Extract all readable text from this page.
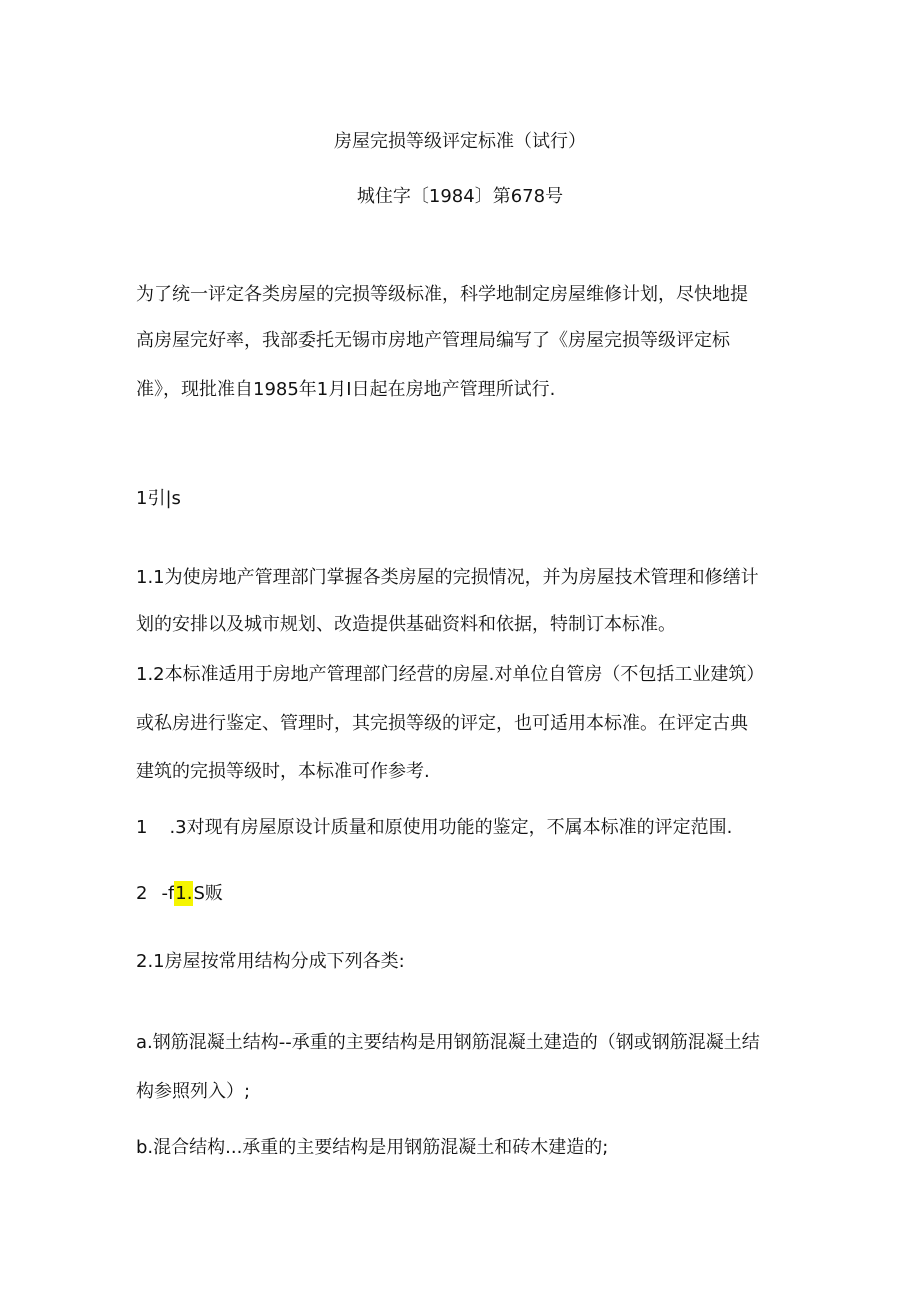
房屋完损等级评定标准（试行）
城住字〔1984〕第678号
为了统一评定各类房屋的完损等级标准，科学地制定房屋维修计划，尽快地提
高房屋完好率，我部委托无锡市房地产管理局编写了《房屋完损等级评定标
准》，现批准自1985年1月I日起在房地产管理所试行.
1引|s
1.1为使房地产管理部门掌握各类房屋的完损情况，并为房屋技术管理和修缮计
划的安排以及城市规划、改造提供基础资料和依据，特制订本标准。
1.2本标准适用于房地产管理部门经营的房屋.对单位自管房（不包括工业建筑）
或私房进行鉴定、管理时，其完损等级的评定，也可适用本标准。在评定古典
建筑的完损等级时，本标准可作参考.
1 .3对现有房屋原设计质量和原使用功能的鉴定，不属本标准的评定范围.
2 -f1.S贩
2.1房屋按常用结构分成下列各类:
a.钢筋混凝土结构--承重的主要结构是用钢筋混凝土建造的（钢或钢筋混凝土结
构参照列入）;
b.混合结构...承重的主要结构是用钢筋混凝土和砖木建造的;
